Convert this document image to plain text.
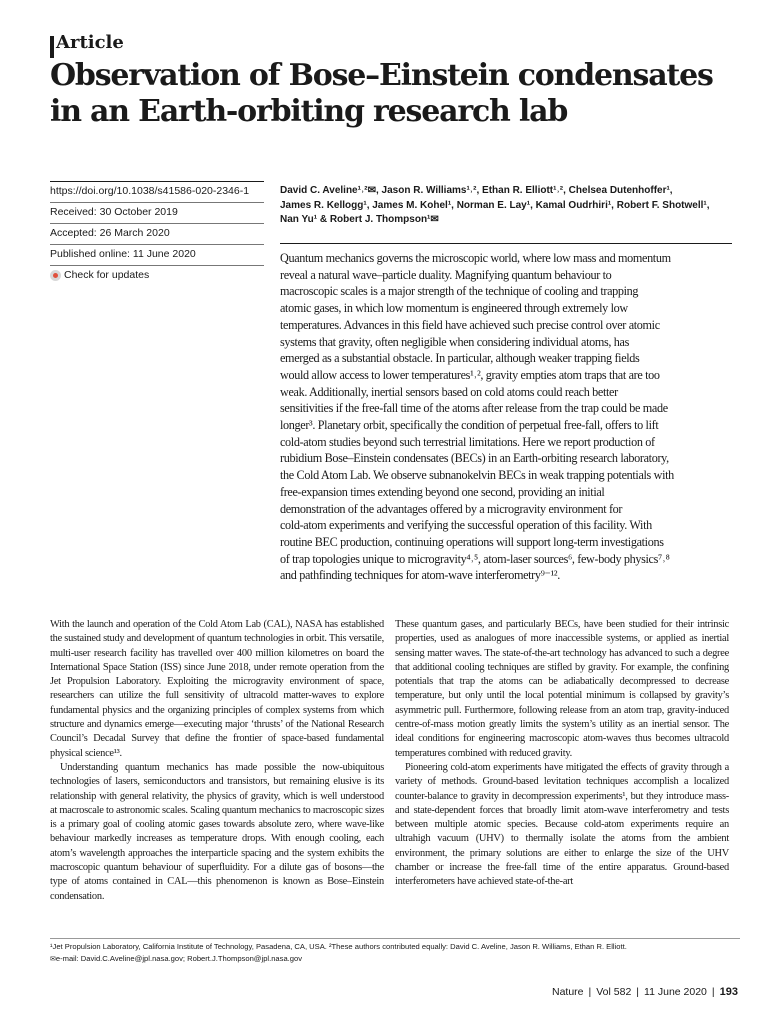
Article
Observation of Bose–Einstein condensates
in an Earth-orbiting research lab
https://doi.org/10.1038/s41586-020-2346-1
Received: 30 October 2019
Accepted: 26 March 2020
Published online: 11 June 2020
Check for updates
David C. Aveline¹˒²✉, Jason R. Williams¹˒², Ethan R. Elliott¹˒², Chelsea Dutenhoffer¹,
James R. Kellogg¹, James M. Kohel¹, Norman E. Lay¹, Kamal Oudrhiri¹, Robert F. Shotwell¹,
Nan Yu¹ & Robert J. Thompson¹✉
Quantum mechanics governs the microscopic world, where low mass and momentum
reveal a natural wave–particle duality. Magnifying quantum behaviour to
macroscopic scales is a major strength of the technique of cooling and trapping
atomic gases, in which low momentum is engineered through extremely low
temperatures. Advances in this field have achieved such precise control over atomic
systems that gravity, often negligible when considering individual atoms, has
emerged as a substantial obstacle. In particular, although weaker trapping fields
would allow access to lower temperatures¹˒², gravity empties atom traps that are too
weak. Additionally, inertial sensors based on cold atoms could reach better
sensitivities if the free-fall time of the atoms after release from the trap could be made
longer³. Planetary orbit, specifically the condition of perpetual free-fall, offers to lift
cold-atom studies beyond such terrestrial limitations. Here we report production of
rubidium Bose–Einstein condensates (BECs) in an Earth-orbiting research laboratory,
the Cold Atom Lab. We observe subnanokelvin BECs in weak trapping potentials with
free-expansion times extending beyond one second, providing an initial
demonstration of the advantages offered by a microgravity environment for
cold-atom experiments and verifying the successful operation of this facility. With
routine BEC production, continuing operations will support long-term investigations
of trap topologies unique to microgravity⁴˒⁵, atom-laser sources⁶, few-body physics⁷˒⁸
and pathfinding techniques for atom-wave interferometry⁹⁻¹².

With the launch and operation of the Cold Atom Lab (CAL), NASA has established the sustained study and development of quantum technologies in orbit. This versatile, multi-user research facility has travelled over 400 million kilometres on board the International Space Station (ISS) since June 2018, under remote operation from the Jet Propulsion Laboratory. Exploiting the microgravity environment of space, researchers can utilize the full sensitivity of ultracold matter-waves to explore fundamental physics and the organizing principles of complex systems from which structure and dynamics emerge—executing major ‘thrusts’ of the National Research Council’s Decadal Survey that define the frontier of space-based fundamental physical science¹³.

Understanding quantum mechanics has made possible the now-ubiquitous technologies of lasers, semiconductors and transistors, but remaining elusive is its relationship with general relativity, the physics of gravity, which is well understood at macroscale to astronomic scales. Scaling quantum mechanics to macroscopic sizes is a primary goal of cooling atomic gases towards absolute zero, where wave-like behaviour markedly increases as temperature drops. With enough cooling, each atom’s wavelength approaches the interparticle spacing and the system exhibits the macroscopic quantum behaviour of superfluidity. For a dilute gas of bosons—the type of atoms contained in CAL—this phenomenon is known as Bose–Einstein condensation.

These quantum gases, and particularly BECs, have been studied for their intrinsic properties, used as analogues of more inaccessible systems, or applied as inertial sensing matter waves. The state-of-the-art technology has advanced to such a degree that additional cooling techniques are stifled by gravity. For example, the confining potentials that trap the atoms can be adiabatically decompressed to decrease temperature, but only until the local potential minimum is collapsed by gravity’s asymmetric pull. Furthermore, following release from an atom trap, gravity-induced centre-of-mass motion greatly limits the system’s utility as an inertial sensor. The ideal conditions for engineering macroscopic atom-waves thus becomes ultracold temperatures combined with reduced gravity.

Pioneering cold-atom experiments have mitigated the effects of gravity through a variety of methods. Ground-based levitation techniques accomplish a localized counter-balance to gravity in decompression experiments¹, but they introduce mass- and state-dependent forces that broadly limit atom-wave interferometry and tests between multiple atomic species. Because cold-atom experiments require an ultrahigh vacuum (UHV) to thermally isolate the atoms from the ambient environment, the primary solutions are either to enlarge the size of the UHV chamber or increase the free-fall time of the entire apparatus. Ground-based interferometers have achieved state-of-the-art

¹Jet Propulsion Laboratory, California Institute of Technology, Pasadena, CA, USA. ²These authors contributed equally: David C. Aveline, Jason R. Williams, Ethan R. Elliott.
✉e-mail: David.C.Aveline@jpl.nasa.gov; Robert.J.Thompson@jpl.nasa.gov
Nature | Vol 582 | 11 June 2020 | 193
